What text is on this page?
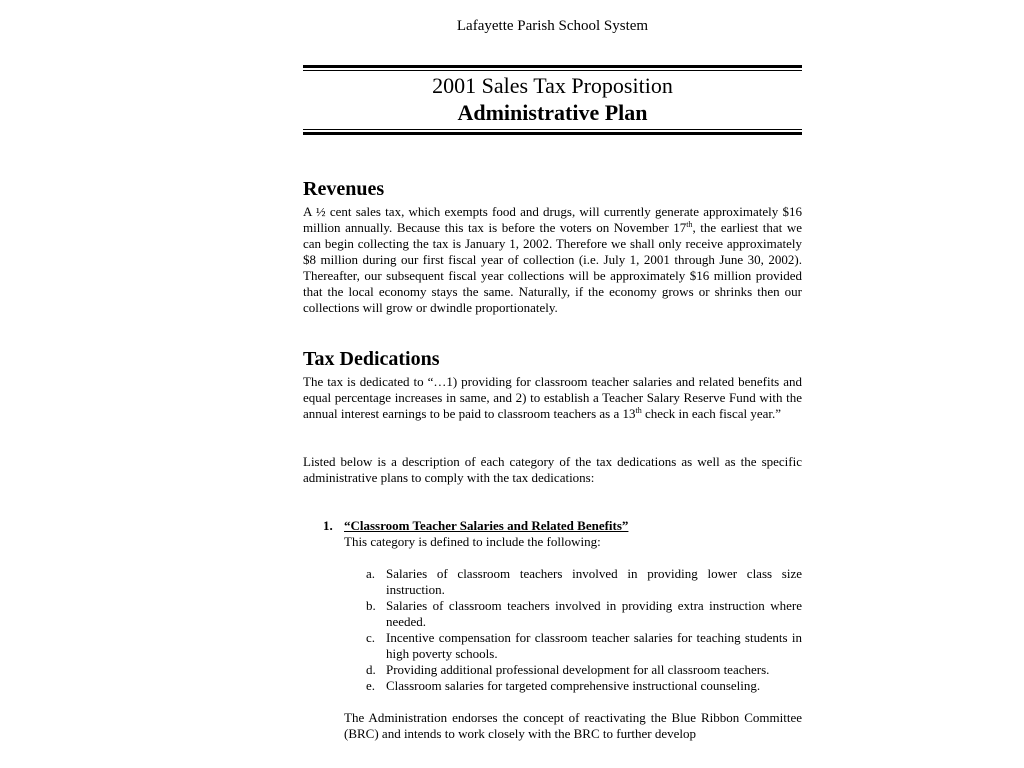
Lafayette Parish School System
2001 Sales Tax Proposition
Administrative Plan
Revenues
A ½ cent sales tax, which exempts food and drugs, will currently generate approximately $16 million annually. Because this tax is before the voters on November 17th, the earliest that we can begin collecting the tax is January 1, 2002. Therefore we shall only receive approximately $8 million during our first fiscal year of collection (i.e. July 1, 2001 through June 30, 2002). Thereafter, our subsequent fiscal year collections will be approximately $16 million provided that the local economy stays the same. Naturally, if the economy grows or shrinks then our collections will grow or dwindle proportionately.
Tax Dedications
The tax is dedicated to “…1) providing for classroom teacher salaries and related benefits and equal percentage increases in same, and 2) to establish a Teacher Salary Reserve Fund with the annual interest earnings to be paid to classroom teachers as a 13th check in each fiscal year.”
Listed below is a description of each category of the tax dedications as well as the specific administrative plans to comply with the tax dedications:
1. “Classroom Teacher Salaries and Related Benefits”
This category is defined to include the following:
a. Salaries of classroom teachers involved in providing lower class size instruction.
b. Salaries of classroom teachers involved in providing extra instruction where needed.
c. Incentive compensation for classroom teacher salaries for teaching students in high poverty schools.
d. Providing additional professional development for all classroom teachers.
e. Classroom salaries for targeted comprehensive instructional counseling.
The Administration endorses the concept of reactivating the Blue Ribbon Committee (BRC) and intends to work closely with the BRC to further develop
